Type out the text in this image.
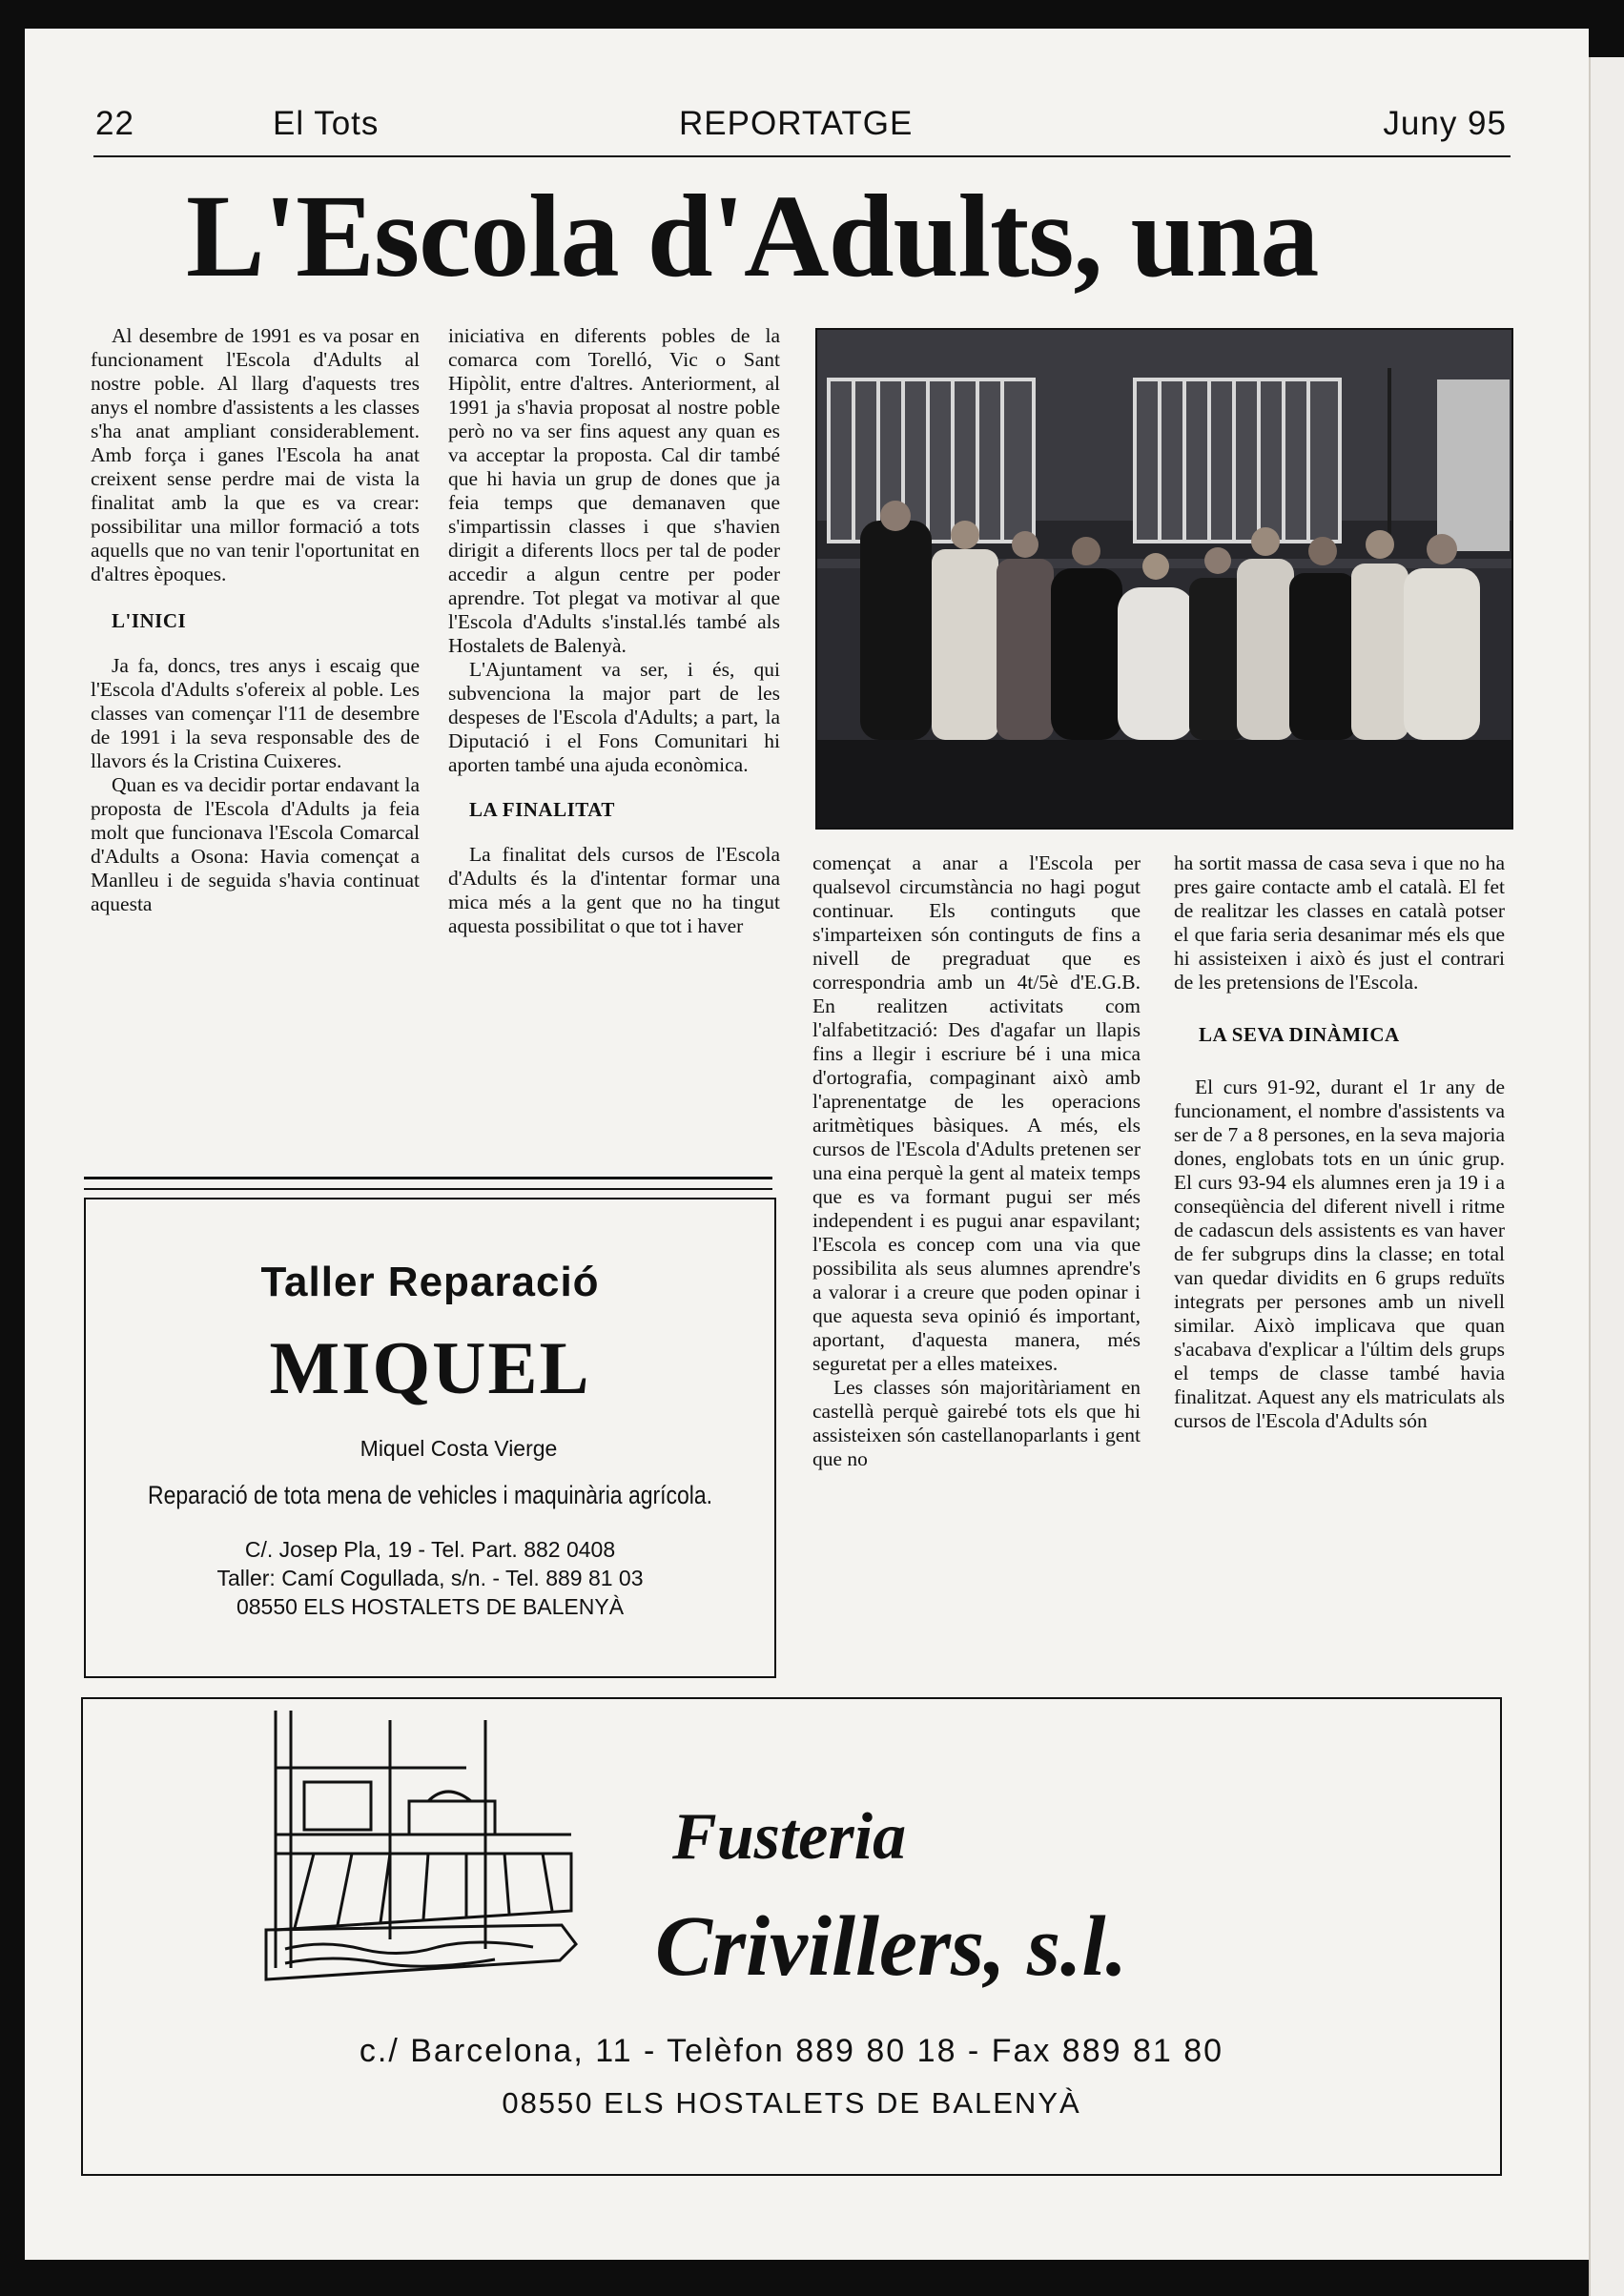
22	El Tots	REPORTATGE	Juny 95
L'Escola d'Adults, una

Al desembre de 1991 es va posar en funcionament l'Escola d'Adults al nostre poble. Al llarg d'aquests tres anys el nombre d'assistents a les classes s'ha anat ampliant considerablement. Amb força i ganes l'Escola ha anat creixent sense perdre mai de vista la finalitat amb la que es va crear: possibilitar una millor formació a tots aquells que no van tenir l'oportunitat en d'altres èpoques.

L'INICI

Ja fa, doncs, tres anys i escaig que l'Escola d'Adults s'ofereix al poble. Les classes van començar l'11 de desembre de 1991 i la seva responsable des de llavors és la Cristina Cuixeres.

Quan es va decidir portar endavant la proposta de l'Escola d'Adults ja feia molt que funcionava l'Escola Comarcal d'Adults a Osona: Havia començat a Manlleu i de seguida s'havia continuat aquesta

iniciativa en diferents pobles de la comarca com Torelló, Vic o Sant Hipòlit, entre d'altres. Anteriorment, al 1991 ja s'havia proposat al nostre poble però no va ser fins aquest any quan es va acceptar la proposta. Cal dir també que hi havia un grup de dones que ja feia temps que demanaven que s'impartissin classes i que s'havien dirigit a diferents llocs per tal de poder accedir a algun centre per poder aprendre. Tot plegat va motivar al que l'Escola d'Adults s'instal.lés també als Hostalets de Balenyà.

L'Ajuntament va ser, i és, qui subvenciona la major part de les despeses de l'Escola d'Adults; a part, la Diputació i el Fons Comunitari hi aporten també una ajuda econòmica.

LA FINALITAT

La finalitat dels cursos de l'Escola d'Adults és la d'intentar formar una mica més a la gent que no ha tingut aquesta possibilitat o que tot i haver

començat a anar a l'Escola per qualsevol circumstància no hagi pogut continuar. Els continguts que s'imparteixen són continguts de fins a nivell de pregraduat que es correspondria amb un 4t/5è d'E.G.B. En realitzen activitats com l'alfabetització: Des d'agafar un llapis fins a llegir i escriure bé i una mica d'ortografia, compaginant això amb l'aprenentatge de les operacions aritmètiques bàsiques. A més, els cursos de l'Escola d'Adults pretenen ser una eina perquè la gent al mateix temps que es va formant pugui ser més independent i es pugui anar espavilant; l'Escola es concep com una via que possibilita als seus alumnes aprendre's a valorar i a creure que poden opinar i que aquesta seva opinió és important, aportant, d'aquesta manera, més seguretat per a elles mateixes.

Les classes són majoritàriament en castellà perquè gairebé tots els que hi assisteixen són castellanoparlants i gent que no

ha sortit massa de casa seva i que no ha pres gaire contacte amb el català. El fet de realitzar les classes en català potser el que faria seria desanimar més els que hi assisteixen i això és just el contrari de les pretensions de l'Escola.

LA SEVA DINÀMICA

El curs 91-92, durant el 1r any de funcionament, el nombre d'assistents va ser de 7 a 8 persones, en la seva majoria dones, englobats tots en un únic grup. El curs 93-94 els alumnes eren ja 19 i a conseqüència del diferent nivell i ritme de cadascun dels assistents es van haver de fer subgrups dins la classe; en total van quedar dividits en 6 grups reduïts integrats per persones amb un nivell similar. Això implicava que quan s'acabava d'explicar a l'últim dels grups el temps de classe també havia finalitzat. Aquest any els matriculats als cursos de l'Escola d'Adults són

Taller Reparació
MIQUEL
Miquel Costa Vierge
Reparació de tota mena de vehicles i maquinària agrícola.
C/. Josep Pla, 19 - Tel. Part. 882 0408
Taller: Camí Cogullada, s/n. - Tel. 889 81 03
08550 ELS HOSTALETS DE BALENYÀ
Fusteria
Crivillers, s.l.
c./ Barcelona, 11 - Telèfon 889 80 18 - Fax 889 81 80
08550 ELS HOSTALETS DE BALENYÀ
